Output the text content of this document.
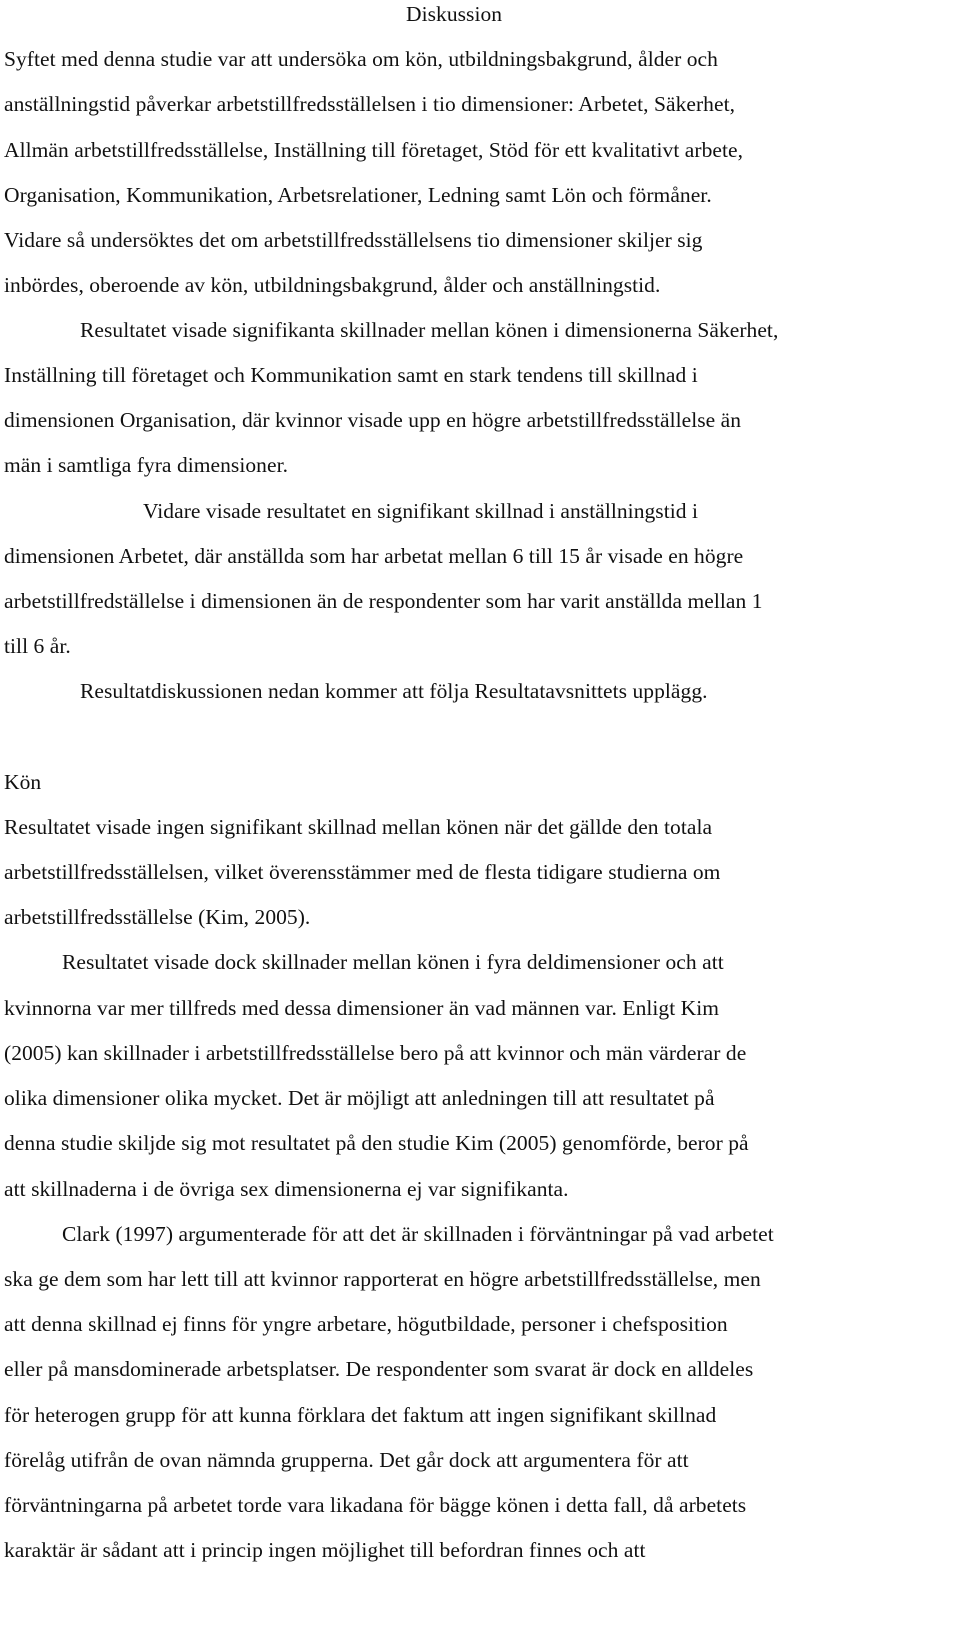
Diskussion
Syftet med denna studie var att undersöka om kön, utbildningsbakgrund, ålder och
anställningstid påverkar arbetstillfredsställelsen i tio dimensioner: Arbetet, Säkerhet,
Allmän arbetstillfredsställelse, Inställning till företaget, Stöd för ett kvalitativt arbete,
Organisation, Kommunikation, Arbetsrelationer, Ledning samt Lön och förmåner.
Vidare så undersöktes det om arbetstillfredsställelsens tio dimensioner skiljer sig
inbördes, oberoende av kön, utbildningsbakgrund, ålder och anställningstid.
Resultatet visade signifikanta skillnader mellan könen i dimensionerna Säkerhet,
Inställning till företaget och Kommunikation samt en stark tendens till skillnad i
dimensionen Organisation, där kvinnor visade upp en högre arbetstillfredsställelse än
män i samtliga fyra dimensioner.
Vidare visade resultatet en signifikant skillnad i anställningstid i
dimensionen Arbetet, där anställda som har arbetat mellan 6 till 15 år visade en högre
arbetstillfredställelse i dimensionen än de respondenter som har varit anställda mellan 1
till 6 år.
Resultatdiskussionen nedan kommer att följa Resultatavsnittets upplägg.
Kön
Resultatet visade ingen signifikant skillnad mellan könen när det gällde den totala
arbetstillfredsställelsen, vilket överensstämmer med de flesta tidigare studierna om
arbetstillfredsställelse (Kim, 2005).
Resultatet visade dock skillnader mellan könen i fyra deldimensioner och att
kvinnorna var mer tillfreds med dessa dimensioner än vad männen var. Enligt Kim
(2005) kan skillnader i arbetstillfredsställelse bero på att kvinnor och män värderar de
olika dimensioner olika mycket. Det är möjligt att anledningen till att resultatet på
denna studie skiljde sig mot resultatet på den studie Kim (2005) genomförde, beror på
att skillnaderna i de övriga sex dimensionerna ej var signifikanta.
Clark (1997) argumenterade för att det är skillnaden i förväntningar på vad arbetet
ska ge dem som har lett till att kvinnor rapporterat en högre arbetstillfredsställelse, men
att denna skillnad ej finns för yngre arbetare, högutbildade, personer i chefsposition
eller på mansdominerade arbetsplatser. De respondenter som svarat är dock en alldeles
för heterogen grupp för att kunna förklara det faktum att ingen signifikant skillnad
förelåg utifrån de ovan nämnda grupperna. Det går dock att argumentera för att
förväntningarna på arbetet torde vara likadana för bägge könen i detta fall, då arbetets
karaktär är sådant att i princip ingen möjlighet till befordran finnes och att
